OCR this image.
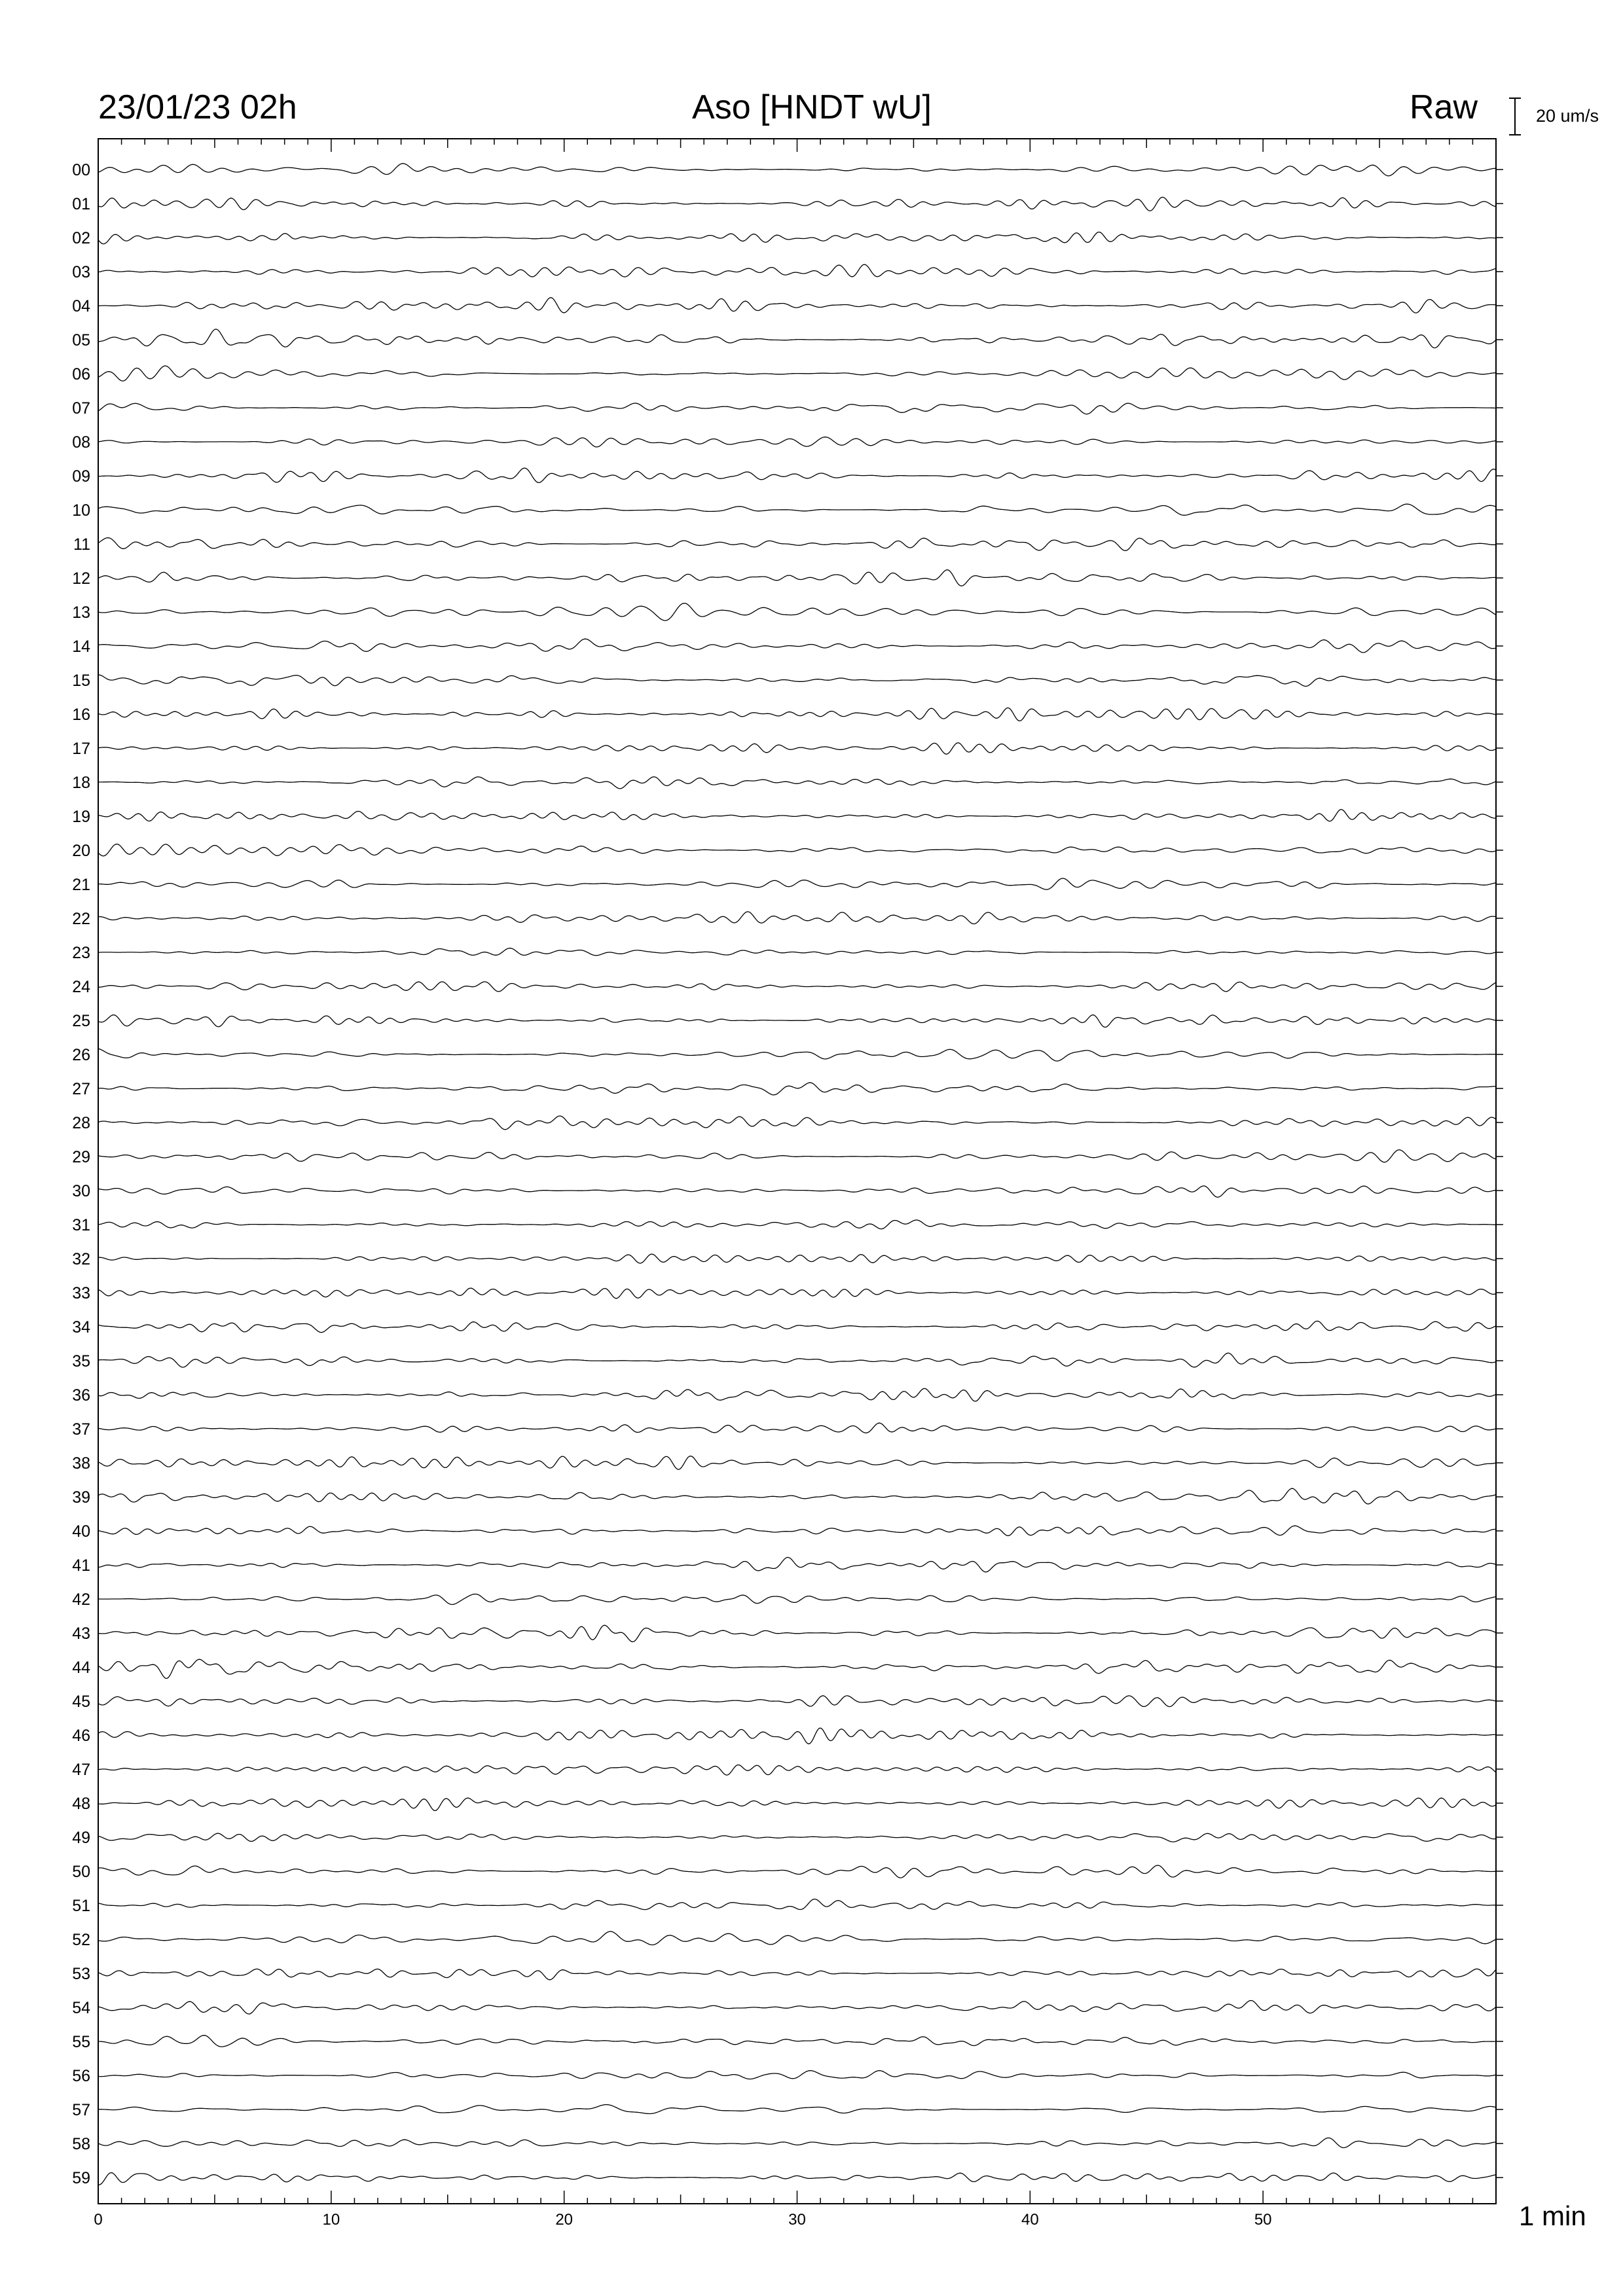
23/01/23 02h	Aso [HNDT wU]	Raw	20 um/s
1 min
00
01
02
03
04
05
06
07
08
09
10
11
12
13
14
15
16
17
18
19
20
21
22
23
24
25
26
27
28
29
30
31
32
33
34
35
36
37
38
39
40
41
42
43
44
45
46
47
48
49
50
51
52
53
54
55
56
57
58
59
0	10	20	30	40	50
